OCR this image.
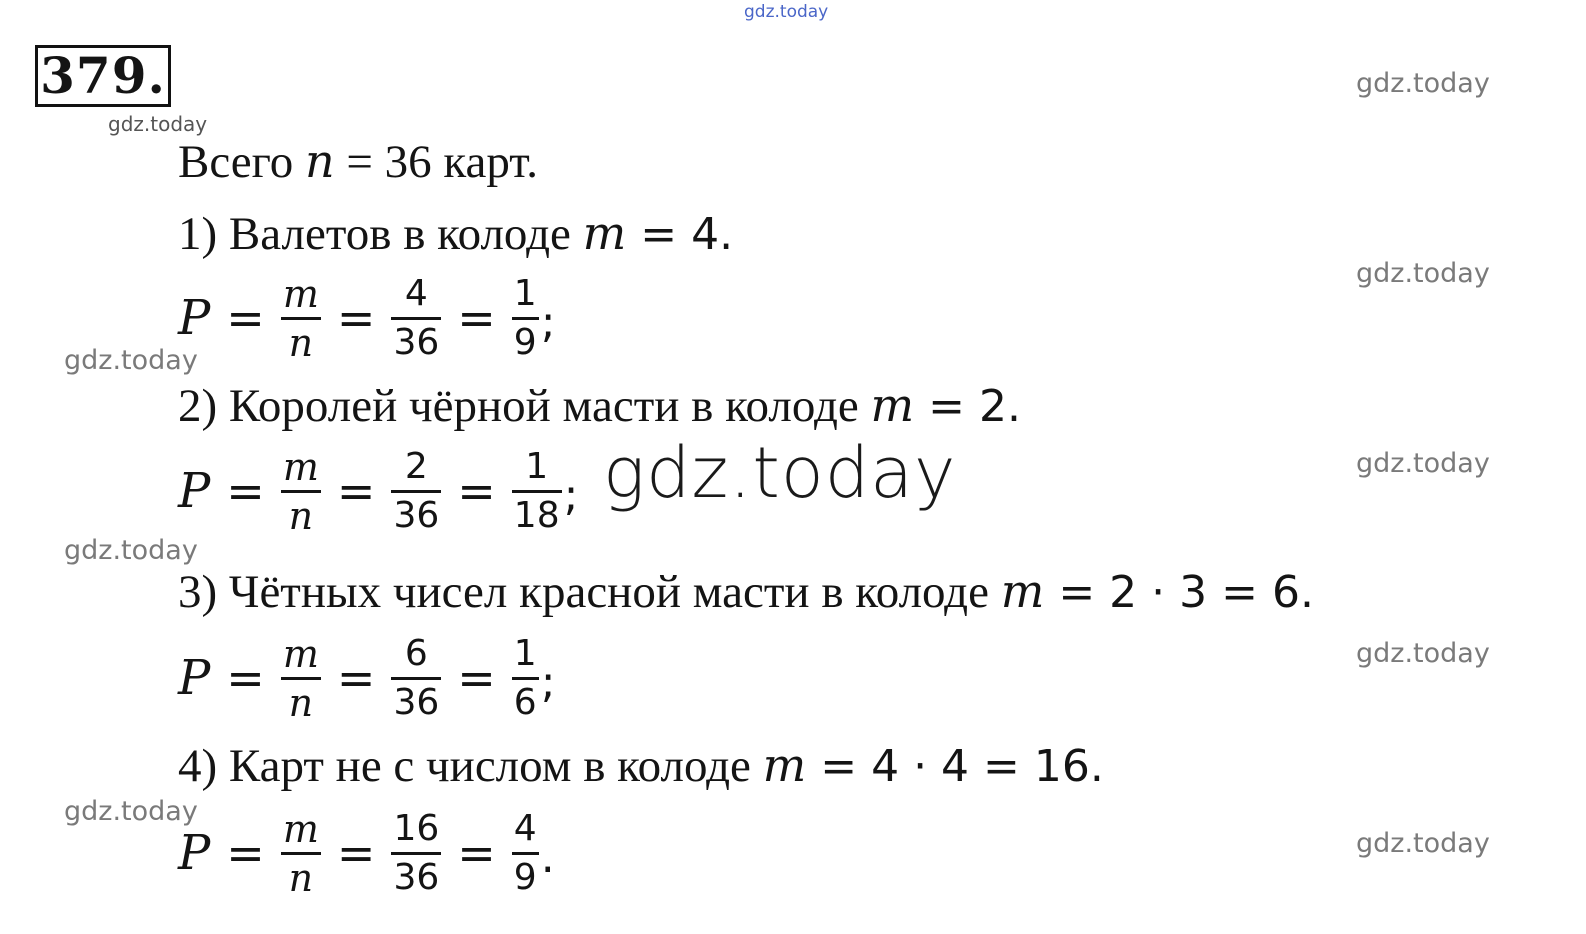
gdz.today
gdz.today
gdz.today
gdz.today
gdz.today
gdz.today
gdz.today
gdz.today
gdz.today
gdz.today
379.
Всего n = 36 карт.
1) Валетов в колоде m = 4.
$P = \frac{m}{n} = \frac{4}{36} = \frac{1}{9}$ ;
2) Королей чёрной масти в колоде m = 2.
$P = \frac{m}{n} = \frac{2}{36} = \frac{1}{18}$ ; gdz.today
3) Чётных чисел красной масти в колоде m = 2 · 3 = 6.
$P = \frac{m}{n} = \frac{6}{36} = \frac{1}{6}$ ;
4) Карт не с числом в колоде m = 4 · 4 = 16.
$P = \frac{m}{n} = \frac{16}{36} = \frac{4}{9}$ .
